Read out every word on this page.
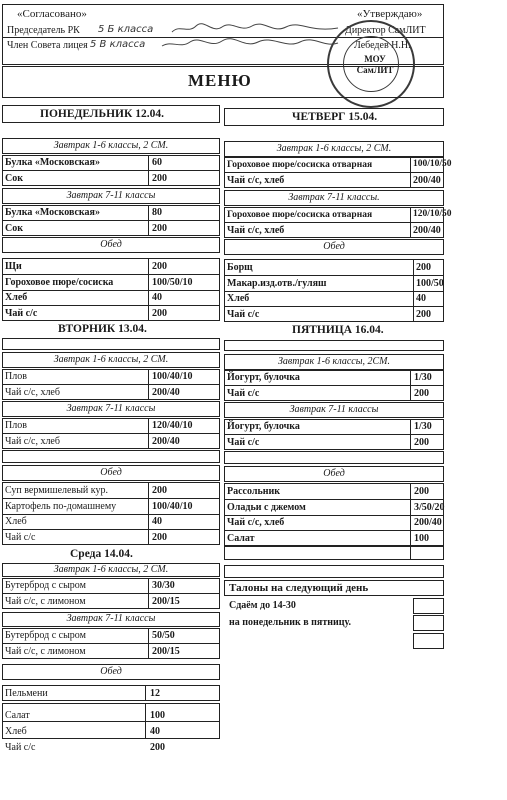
«Согласовано»	«Утверждаю»
Председатель РК 5 Б класса	Директор СамЛИТ
Член Совета лицея 5 В класса	Лебедев Н.Н.
МОУ СамЛИТ
МЕНЮ
ПОНЕДЕЛЬНИК 12.04.
Завтрак 1-6 классы, 2 СМ.
Булка «Московская»	60
Сок	200
Завтрак 7-11 классы
Булка «Московская»	80
Сок	200
Обед
Щи	200
Гороховое пюре/сосиска	100/50/10
Хлеб	40
Чай с/с	200
ВТОРНИК 13.04.
Завтрак 1-6 классы, 2 СМ.
Плов	100/40/10
Чай с/с, хлеб	200/40
Завтрак 7-11 классы
Плов	120/40/10
Чай с/с, хлеб	200/40
Обед
Суп вермишелевый кур.	200
Картофель по-домашнему	100/40/10
Хлеб	40
Чай с/с	200
Среда 14.04.
Завтрак 1-6 классы, 2 СМ.
Бутерброд с сыром	30/30
Чай с/с, с лимоном	200/15
Завтрак 7-11 классы
Бутерброд с сыром	50/50
Чай с/с, с лимоном	200/15
Обед
Пельмени	12
Салат	100
Хлеб	40
Чай с/с	200
ЧЕТВЕРГ 15.04.
Завтрак 1-6 классы, 2 СМ.
Гороховое пюре/сосиска отварная	100/10/50
Чай с/с, хлеб	200/40
Завтрак 7-11 классы.
Гороховое пюре/сосиска отварная	120/10/50
Чай с/с, хлеб	200/40
Обед
Борщ	200
Макар.изд.отв./гуляш	100/50
Хлеб	40
Чай с/с	200
ПЯТНИЦА 16.04.
Завтрак 1-6 классы, 2СМ.
Йогурт, булочка	1/30
Чай с/с	200
Завтрак 7-11 классы
Йогурт, булочка	1/30
Чай с/с	200
Обед
Рассольник	200
Оладьи с джемом	3/50/20
Чай с/с, хлеб	200/40
Салат	100
Талоны на следующий день
Сдаём до 14-30
на понедельник в пятницу.
